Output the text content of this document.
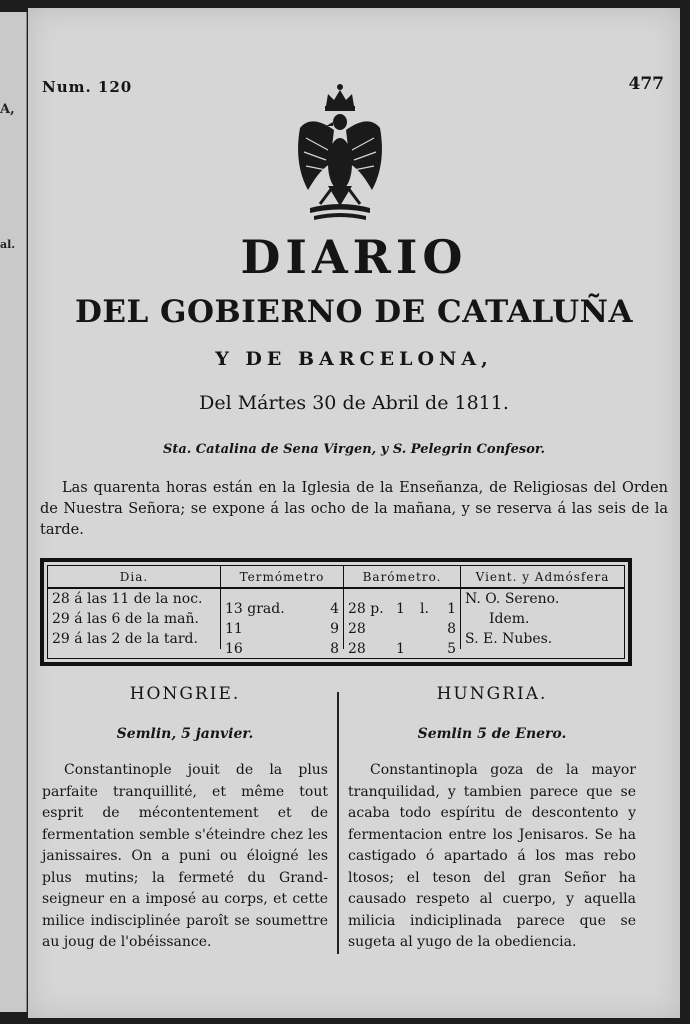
A,
al.
Num. 120	477
DIARIO
DEL GOBIERNO DE CATALUÑA
Y DE BARCELONA,
Del Mártes 30 de Abril de 1811.
Sta. Catalina de Sena Virgen, y S. Pelegrin Confesor.

Las quarenta horas están en la Iglesia de la Enseñanza, de Religiosas del Orden de Nuestra Señora; se expone á las ocho de la mañana, y se reserva á las seis de la tarde.

Dia.	Termómetro	Barómetro.	Vient. y Admósfera
28 á las 11 de la noc.	13 grad. 4	28 p. 1 l. 1	N. O. Sereno.
29 á las 6 de la mañ.	11 9	28 8	Idem.
29 á las 2 de la tard.	16 8	28 1 5	S. E. Nubes.

HONGRIE.

Semlin, 5 janvier.

Constantinople jouit de la plus parfaite tranquillité, et même tout esprit de mécontentement et de fermentation semble s'éteindre chez les janissaires. On a puni ou éloigné les plus mutins; la fermeté du Grand-seigneur en a imposé au corps, et cette milice indisciplinée paroît se soumettre au joug de l'obéissance.

HUNGRIA.

Semlin 5 de Enero.

Constantinopla goza de la mayor tranquilidad, y tambien parece que se acaba todo espíritu de descontento y fermentacion entre los Jenisaros. Se ha castigado ó apartado á los mas rebo ltosos; el teson del gran Señor ha causado respeto al cuerpo, y aquella milicia indiciplinada parece que se sugeta al yugo de la obediencia.
